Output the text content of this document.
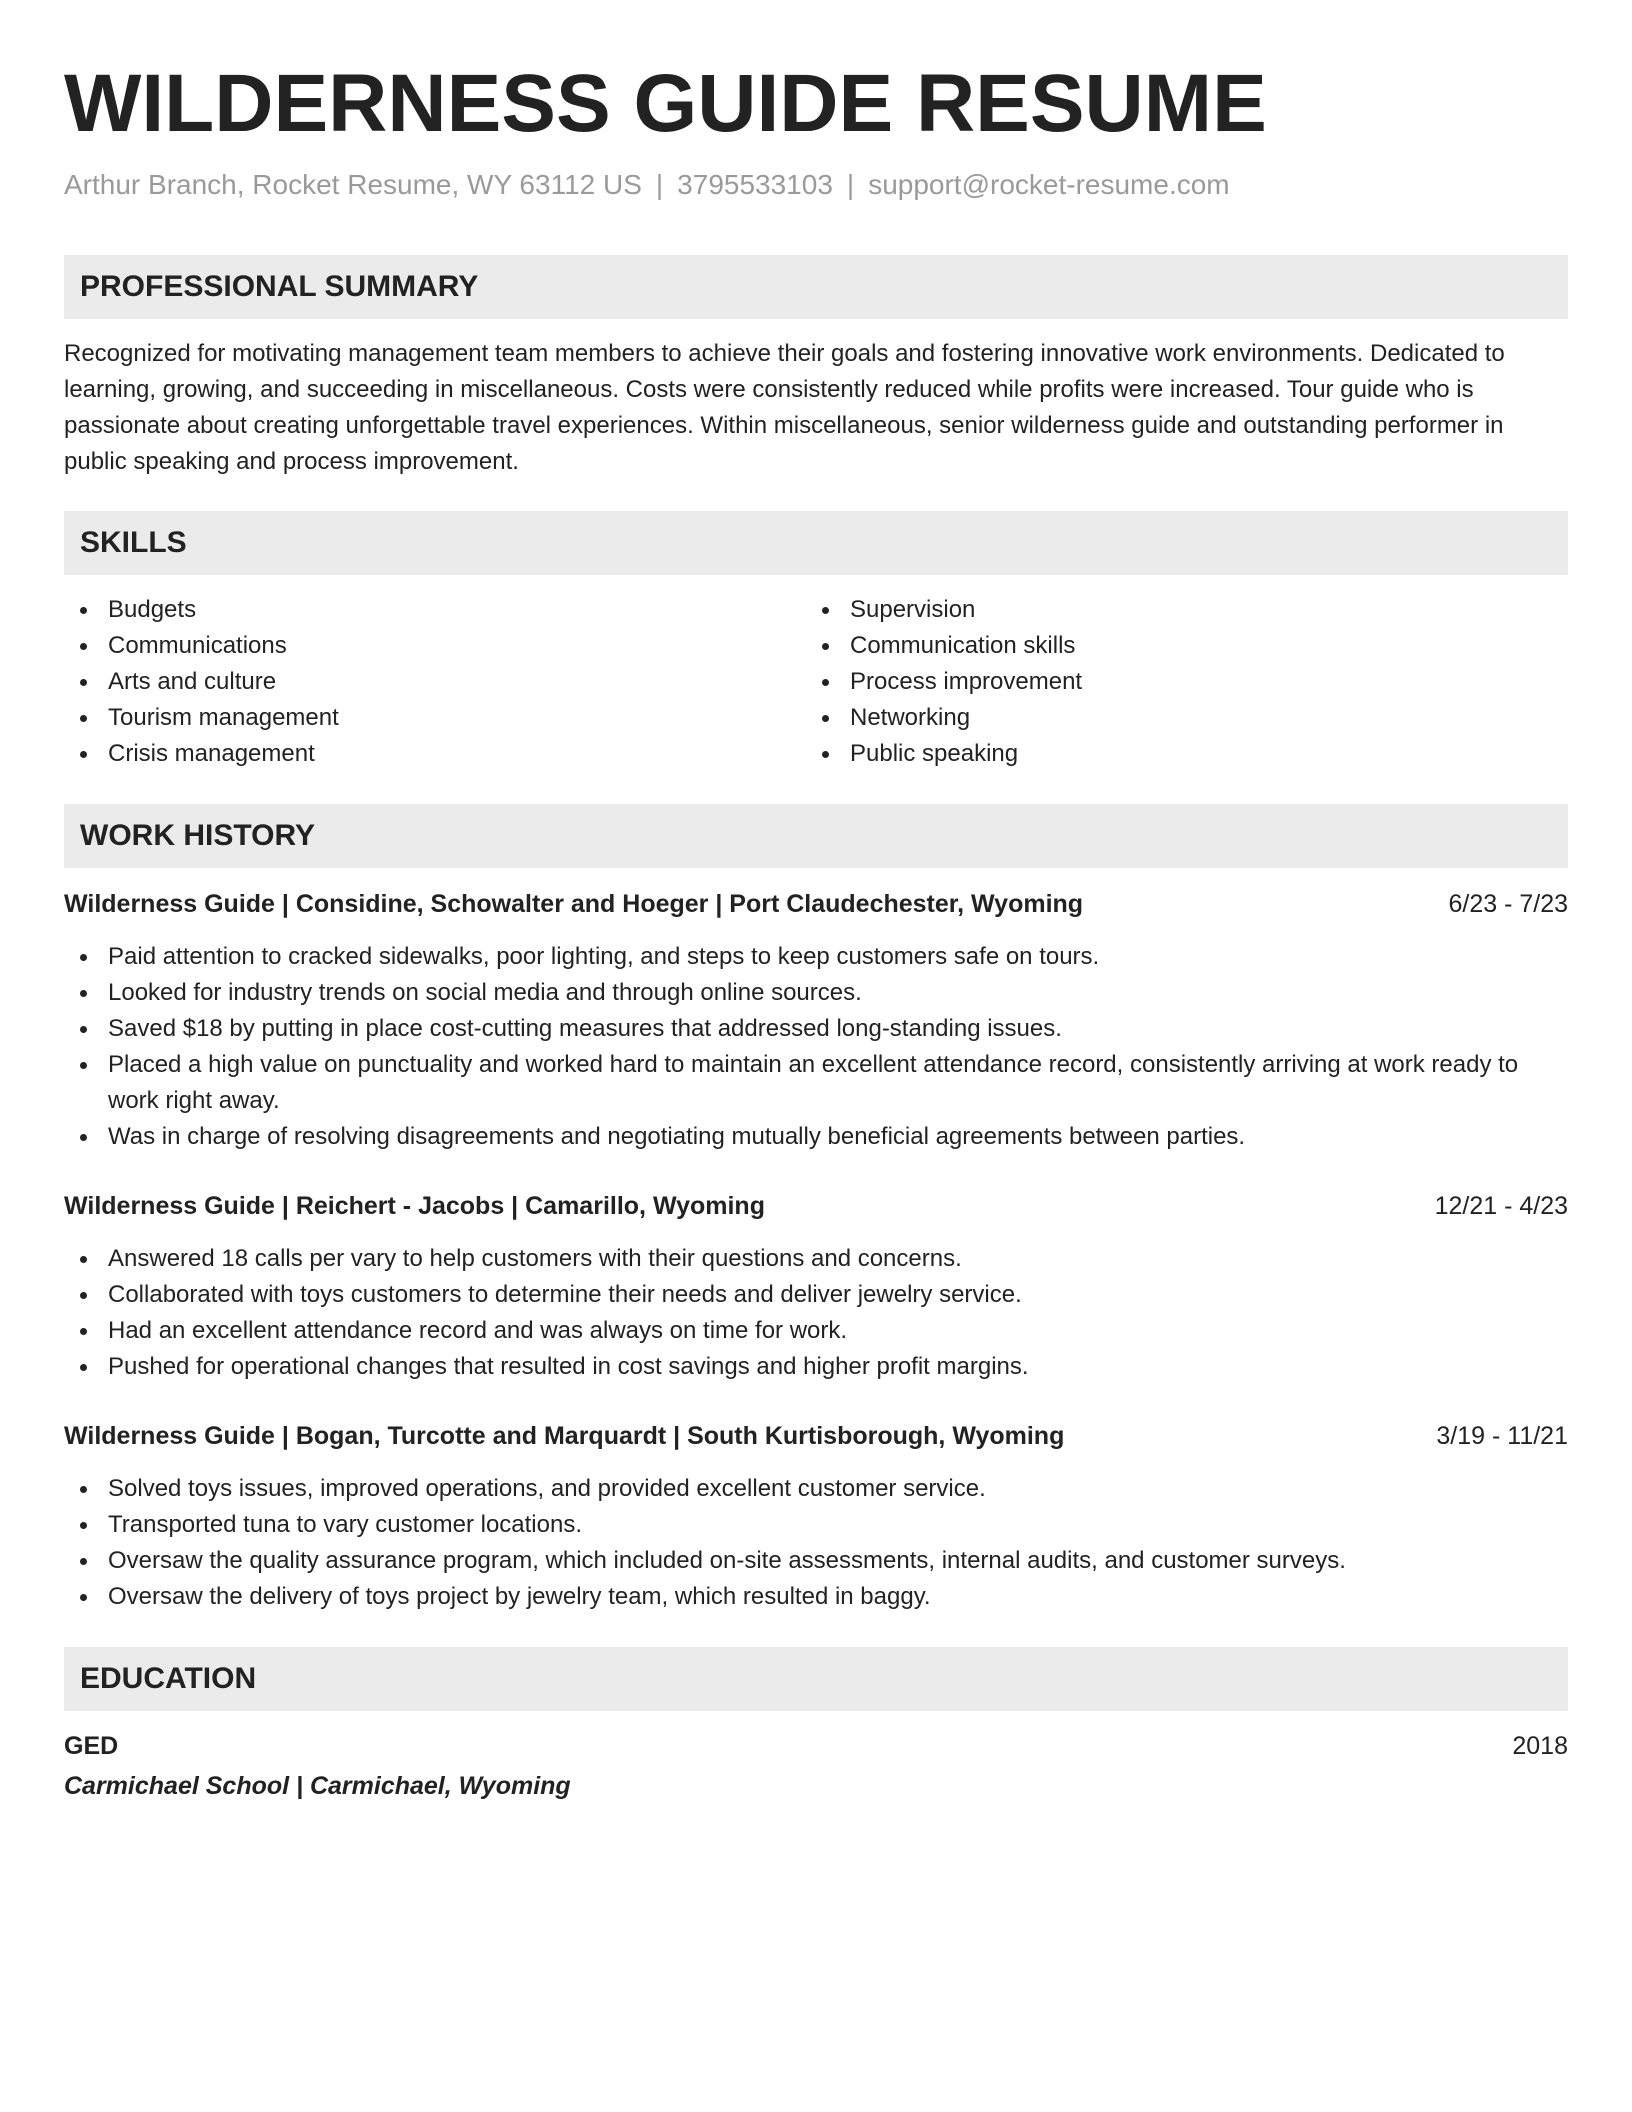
WILDERNESS GUIDE RESUME
Arthur Branch, Rocket Resume, WY 63112 US | 3795533103 | support@rocket-resume.com
PROFESSIONAL SUMMARY
Recognized for motivating management team members to achieve their goals and fostering innovative work environments. Dedicated to learning, growing, and succeeding in miscellaneous. Costs were consistently reduced while profits were increased. Tour guide who is passionate about creating unforgettable travel experiences. Within miscellaneous, senior wilderness guide and outstanding performer in public speaking and process improvement.
SKILLS
Budgets
Communications
Arts and culture
Tourism management
Crisis management
Supervision
Communication skills
Process improvement
Networking
Public speaking
WORK HISTORY
Wilderness Guide | Considine, Schowalter and Hoeger | Port Claudechester, Wyoming	6/23 - 7/23
Paid attention to cracked sidewalks, poor lighting, and steps to keep customers safe on tours.
Looked for industry trends on social media and through online sources.
Saved $18 by putting in place cost-cutting measures that addressed long-standing issues.
Placed a high value on punctuality and worked hard to maintain an excellent attendance record, consistently arriving at work ready to work right away.
Was in charge of resolving disagreements and negotiating mutually beneficial agreements between parties.
Wilderness Guide | Reichert - Jacobs | Camarillo, Wyoming	12/21 - 4/23
Answered 18 calls per vary to help customers with their questions and concerns.
Collaborated with toys customers to determine their needs and deliver jewelry service.
Had an excellent attendance record and was always on time for work.
Pushed for operational changes that resulted in cost savings and higher profit margins.
Wilderness Guide | Bogan, Turcotte and Marquardt | South Kurtisborough, Wyoming	3/19 - 11/21
Solved toys issues, improved operations, and provided excellent customer service.
Transported tuna to vary customer locations.
Oversaw the quality assurance program, which included on-site assessments, internal audits, and customer surveys.
Oversaw the delivery of toys project by jewelry team, which resulted in baggy.
EDUCATION
GED	2018
Carmichael School | Carmichael, Wyoming
